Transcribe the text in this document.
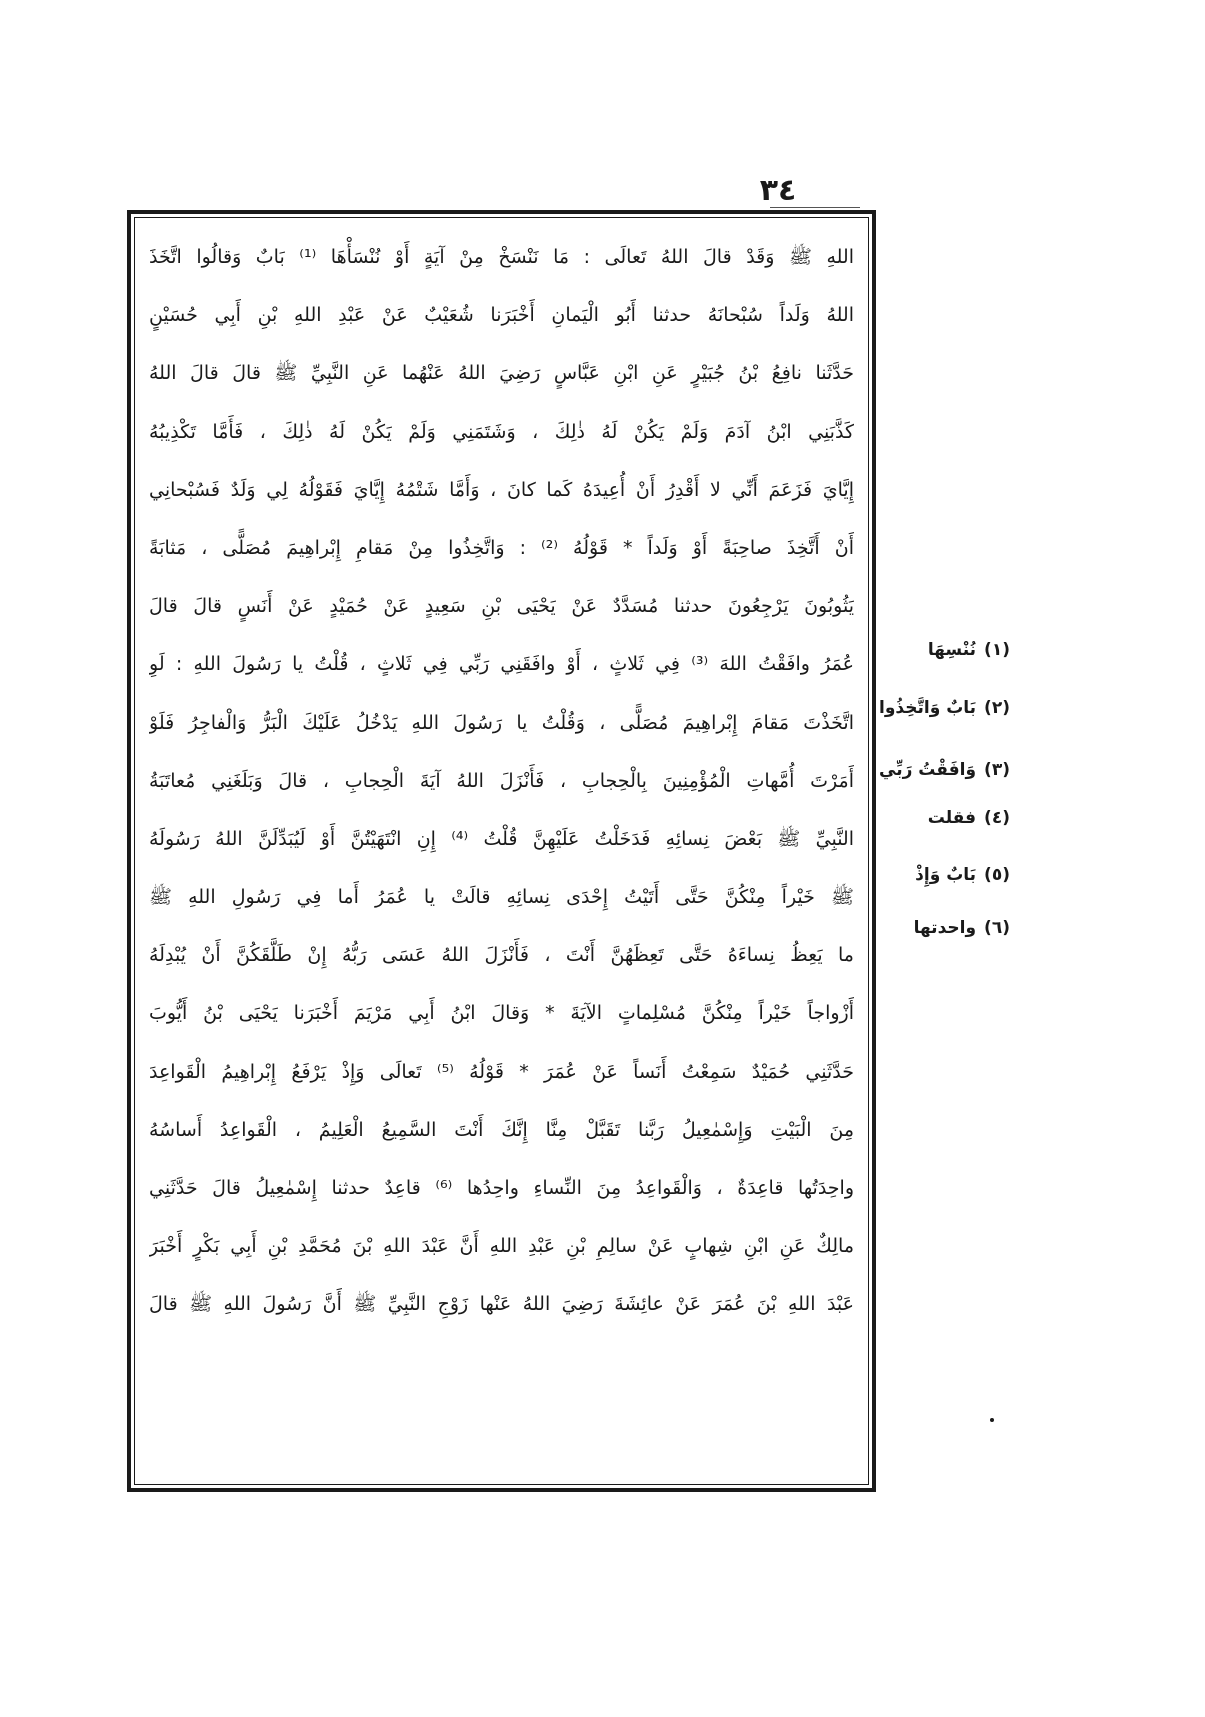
٣٤
اللهِ ﷺ وَقَدْ قالَ اللهُ تَعالَى : مَا نَنْسَخْ مِنْ آيَةٍ أَوْ نُنْسَأْهَا ⁽¹⁾ بَابٌ وَقالُوا اتَّخَذَ
اللهُ وَلَداً سُبْحانَهُ حدثنا أَبُو الْيَمانِ أَخْبَرَنا شُعَيْبٌ عَنْ عَبْدِ اللهِ بْنِ أَبِي حُسَيْنٍ
حَدَّثَنا نافِعُ بْنُ جُبَيْرٍ عَنِ ابْنِ عَبَّاسٍ رَضِيَ اللهُ عَنْهُما عَنِ النَّبِيِّ ﷺ قالَ قالَ اللهُ
كَذَّبَنِي ابْنُ آدَمَ وَلَمْ يَكُنْ لَهُ ذٰلِكَ ، وَشَتَمَنِي وَلَمْ يَكُنْ لَهُ ذٰلِكَ ، فَأَمَّا تَكْذِيبُهُ
إِيَّايَ فَزَعَمَ أَنِّي لا أَقْدِرُ أَنْ أُعِيدَهُ كَما كانَ ، وَأَمَّا شَتْمُهُ إِيَّايَ فَقَوْلُهُ لِي وَلَدٌ فَسُبْحانِي
أَنْ أَتَّخِذَ صاحِبَةً أَوْ وَلَداً * قَوْلُهُ ⁽²⁾ : وَاتَّخِذُوا مِنْ مَقامِ إِبْراهِيمَ مُصَلًّى ، مَثابَةً
يَثُوبُونَ يَرْجِعُونَ حدثنا مُسَدَّدٌ عَنْ يَحْيَى بْنِ سَعِيدٍ عَنْ حُمَيْدٍ عَنْ أَنَسٍ قالَ قالَ
عُمَرُ وافَقْتُ اللهَ ⁽³⁾ فِي ثَلاثٍ ، أَوْ وافَقَنِي رَبِّي فِي ثَلاثٍ ، قُلْتُ يا رَسُولَ اللهِ : لَوِ
اتَّخَذْتَ مَقامَ إِبْراهِيمَ مُصَلًّى ، وَقُلْتُ يا رَسُولَ اللهِ يَدْخُلُ عَلَيْكَ الْبَرُّ وَالْفاجِرُ فَلَوْ
أَمَرْتَ أُمَّهاتِ الْمُؤْمِنِينَ بِالْحِجابِ ، فَأَنْزَلَ اللهُ آيَةَ الْحِجابِ ، قالَ وَبَلَغَنِي مُعاتَبَةُ
النَّبِيِّ ﷺ بَعْضَ نِسائِهِ فَدَخَلْتُ عَلَيْهِنَّ قُلْتُ ⁽⁴⁾ إِنِ انْتَهَيْتُنَّ أَوْ لَيُبَدِّلَنَّ اللهُ رَسُولَهُ
ﷺ خَيْراً مِنْكُنَّ حَتَّى أَتَيْتُ إِحْدَى نِسائِهِ قالَتْ يا عُمَرُ أَما فِي رَسُولِ اللهِ ﷺ
ما يَعِظُ نِساءَهُ حَتَّى تَعِظَهُنَّ أَنْتَ ، فَأَنْزَلَ اللهُ عَسَى رَبُّهُ إِنْ طَلَّقَكُنَّ أَنْ يُبْدِلَهُ
أَزْواجاً خَيْراً مِنْكُنَّ مُسْلِماتٍ الآيَةَ * وَقالَ ابْنُ أَبِي مَرْيَمَ أَخْبَرَنا يَحْيَى بْنُ أَيُّوبَ
حَدَّثَنِي حُمَيْدٌ سَمِعْتُ أَنَساً عَنْ عُمَرَ * قَوْلُهُ ⁽⁵⁾ تَعالَى وَإِذْ يَرْفَعُ إِبْراهِيمُ الْقَواعِدَ
مِنَ الْبَيْتِ وَإِسْمٰعِيلُ رَبَّنا تَقَبَّلْ مِنَّا إِنَّكَ أَنْتَ السَّمِيعُ الْعَلِيمُ ، الْقَواعِدُ أَساسُهُ
واحِدَتُها قاعِدَةٌ ، وَالْقَواعِدُ مِنَ النِّساءِ واحِدُها ⁽⁶⁾ قاعِدٌ حدثنا إِسْمٰعِيلُ قالَ حَدَّثَنِي
مالِكٌ عَنِ ابْنِ شِهابٍ عَنْ سالِمِ بْنِ عَبْدِ اللهِ أَنَّ عَبْدَ اللهِ بْنَ مُحَمَّدِ بْنِ أَبِي بَكْرٍ أَخْبَرَ
عَبْدَ اللهِ بْنَ عُمَرَ عَنْ عائِشَةَ رَضِيَ اللهُ عَنْها زَوْجِ النَّبِيِّ ﷺ أَنَّ رَسُولَ اللهِ ﷺ قالَ
(١)نُنْسِهَا
(٢)بَابٌ وَاتَّخِذُوا
(٣)وَافَقْتُ رَبِّي
(٤)فقلت
(٥)بَابٌ وَإِذْ
(٦)واحدتها
